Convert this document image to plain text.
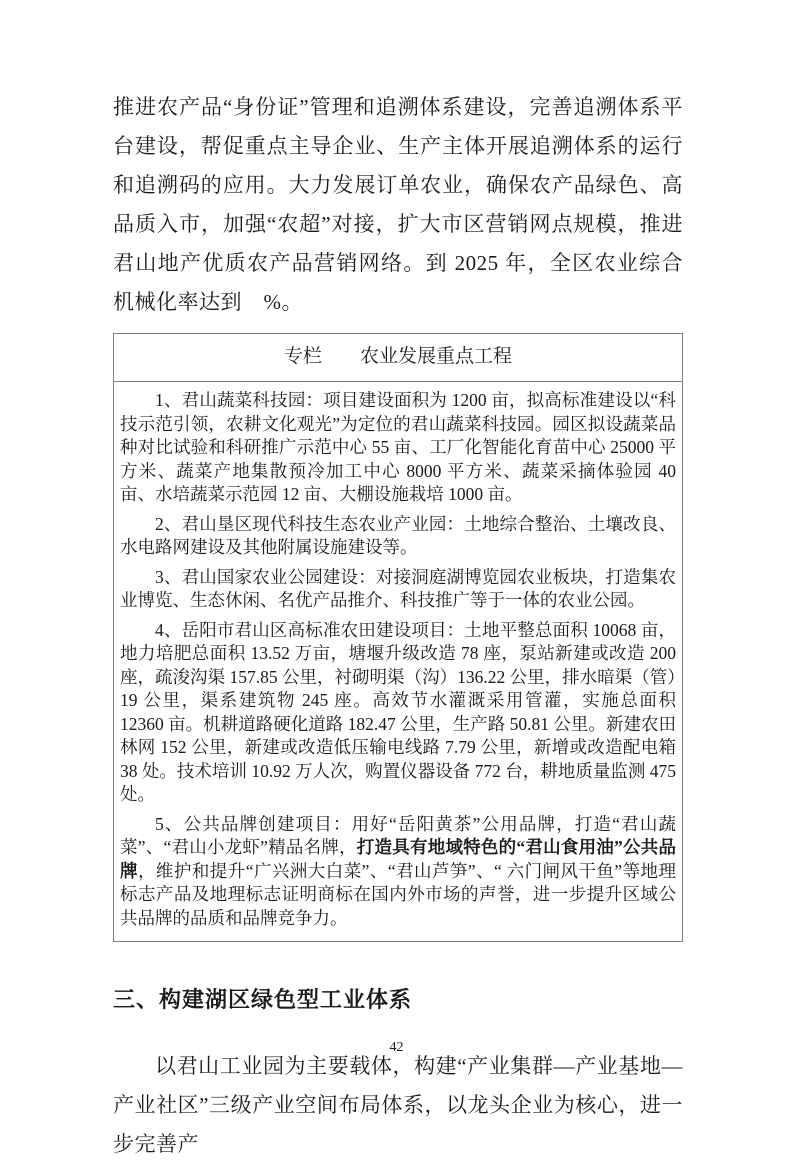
推进农产品“身份证”管理和追溯体系建设，完善追溯体系平台建设，帮促重点主导企业、生产主体开展追溯体系的运行和追溯码的应用。大力发展订单农业，确保农产品绿色、高品质入市，加强“农超”对接，扩大市区营销网点规模，推进君山地产优质农产品营销网络。到 2025 年，全区农业综合机械化率达到　%。
专栏　　农业发展重点工程

1、君山蔬菜科技园：项目建设面积为 1200 亩，拟高标准建设以“科技示范引领，农耕文化观光”为定位的君山蔬菜科技园。园区拟设蔬菜品种对比试验和科研推广示范中心 55 亩、工厂化智能化育苗中心 25000 平方米、蔬菜产地集散预冷加工中心 8000 平方米、蔬菜采摘体验园 40 亩、水培蔬菜示范园 12 亩、大棚设施栽培 1000 亩。

2、君山垦区现代科技生态农业产业园：土地综合整治、土壤改良、水电路网建设及其他附属设施建设等。

3、君山国家农业公园建设：对接洞庭湖博览园农业板块，打造集农业博览、生态休闲、名优产品推介、科技推广等于一体的农业公园。

4、岳阳市君山区高标准农田建设项目：土地平整总面积 10068 亩，地力培肥总面积 13.52 万亩，塘堰升级改造 78 座，泵站新建或改造 200 座，疏浚沟渠 157.85 公里，衬砌明渠（沟）136.22 公里，排水暗渠（管）19 公里，渠系建筑物 245 座。高效节水灌溉采用管灌，实施总面积 12360 亩。机耕道路硬化道路 182.47 公里，生产路 50.81 公里。新建农田林网 152 公里，新建或改造低压输电线路 7.79 公里，新增或改造配电箱 38 处。技术培训 10.92 万人次，购置仪器设备 772 台，耕地质量监测 475 处。

5、公共品牌创建项目：用好“岳阳黄茶”公用品牌，打造“君山蔬菜”、“君山小龙虾”精品名牌，打造具有地域特色的“君山食用油”公共品牌，维护和提升“广兴洲大白菜”、“君山芦笋”、“ 六门闸风干鱼”等地理标志产品及地理标志证明商标在国内外市场的声誉，进一步提升区域公共品牌的品质和品牌竞争力。

三、构建湖区绿色型工业体系
以君山工业园为主要载体，构建“产业集群—产业基地—产业社区”三级产业空间布局体系，以龙头企业为核心，进一步完善产
42
